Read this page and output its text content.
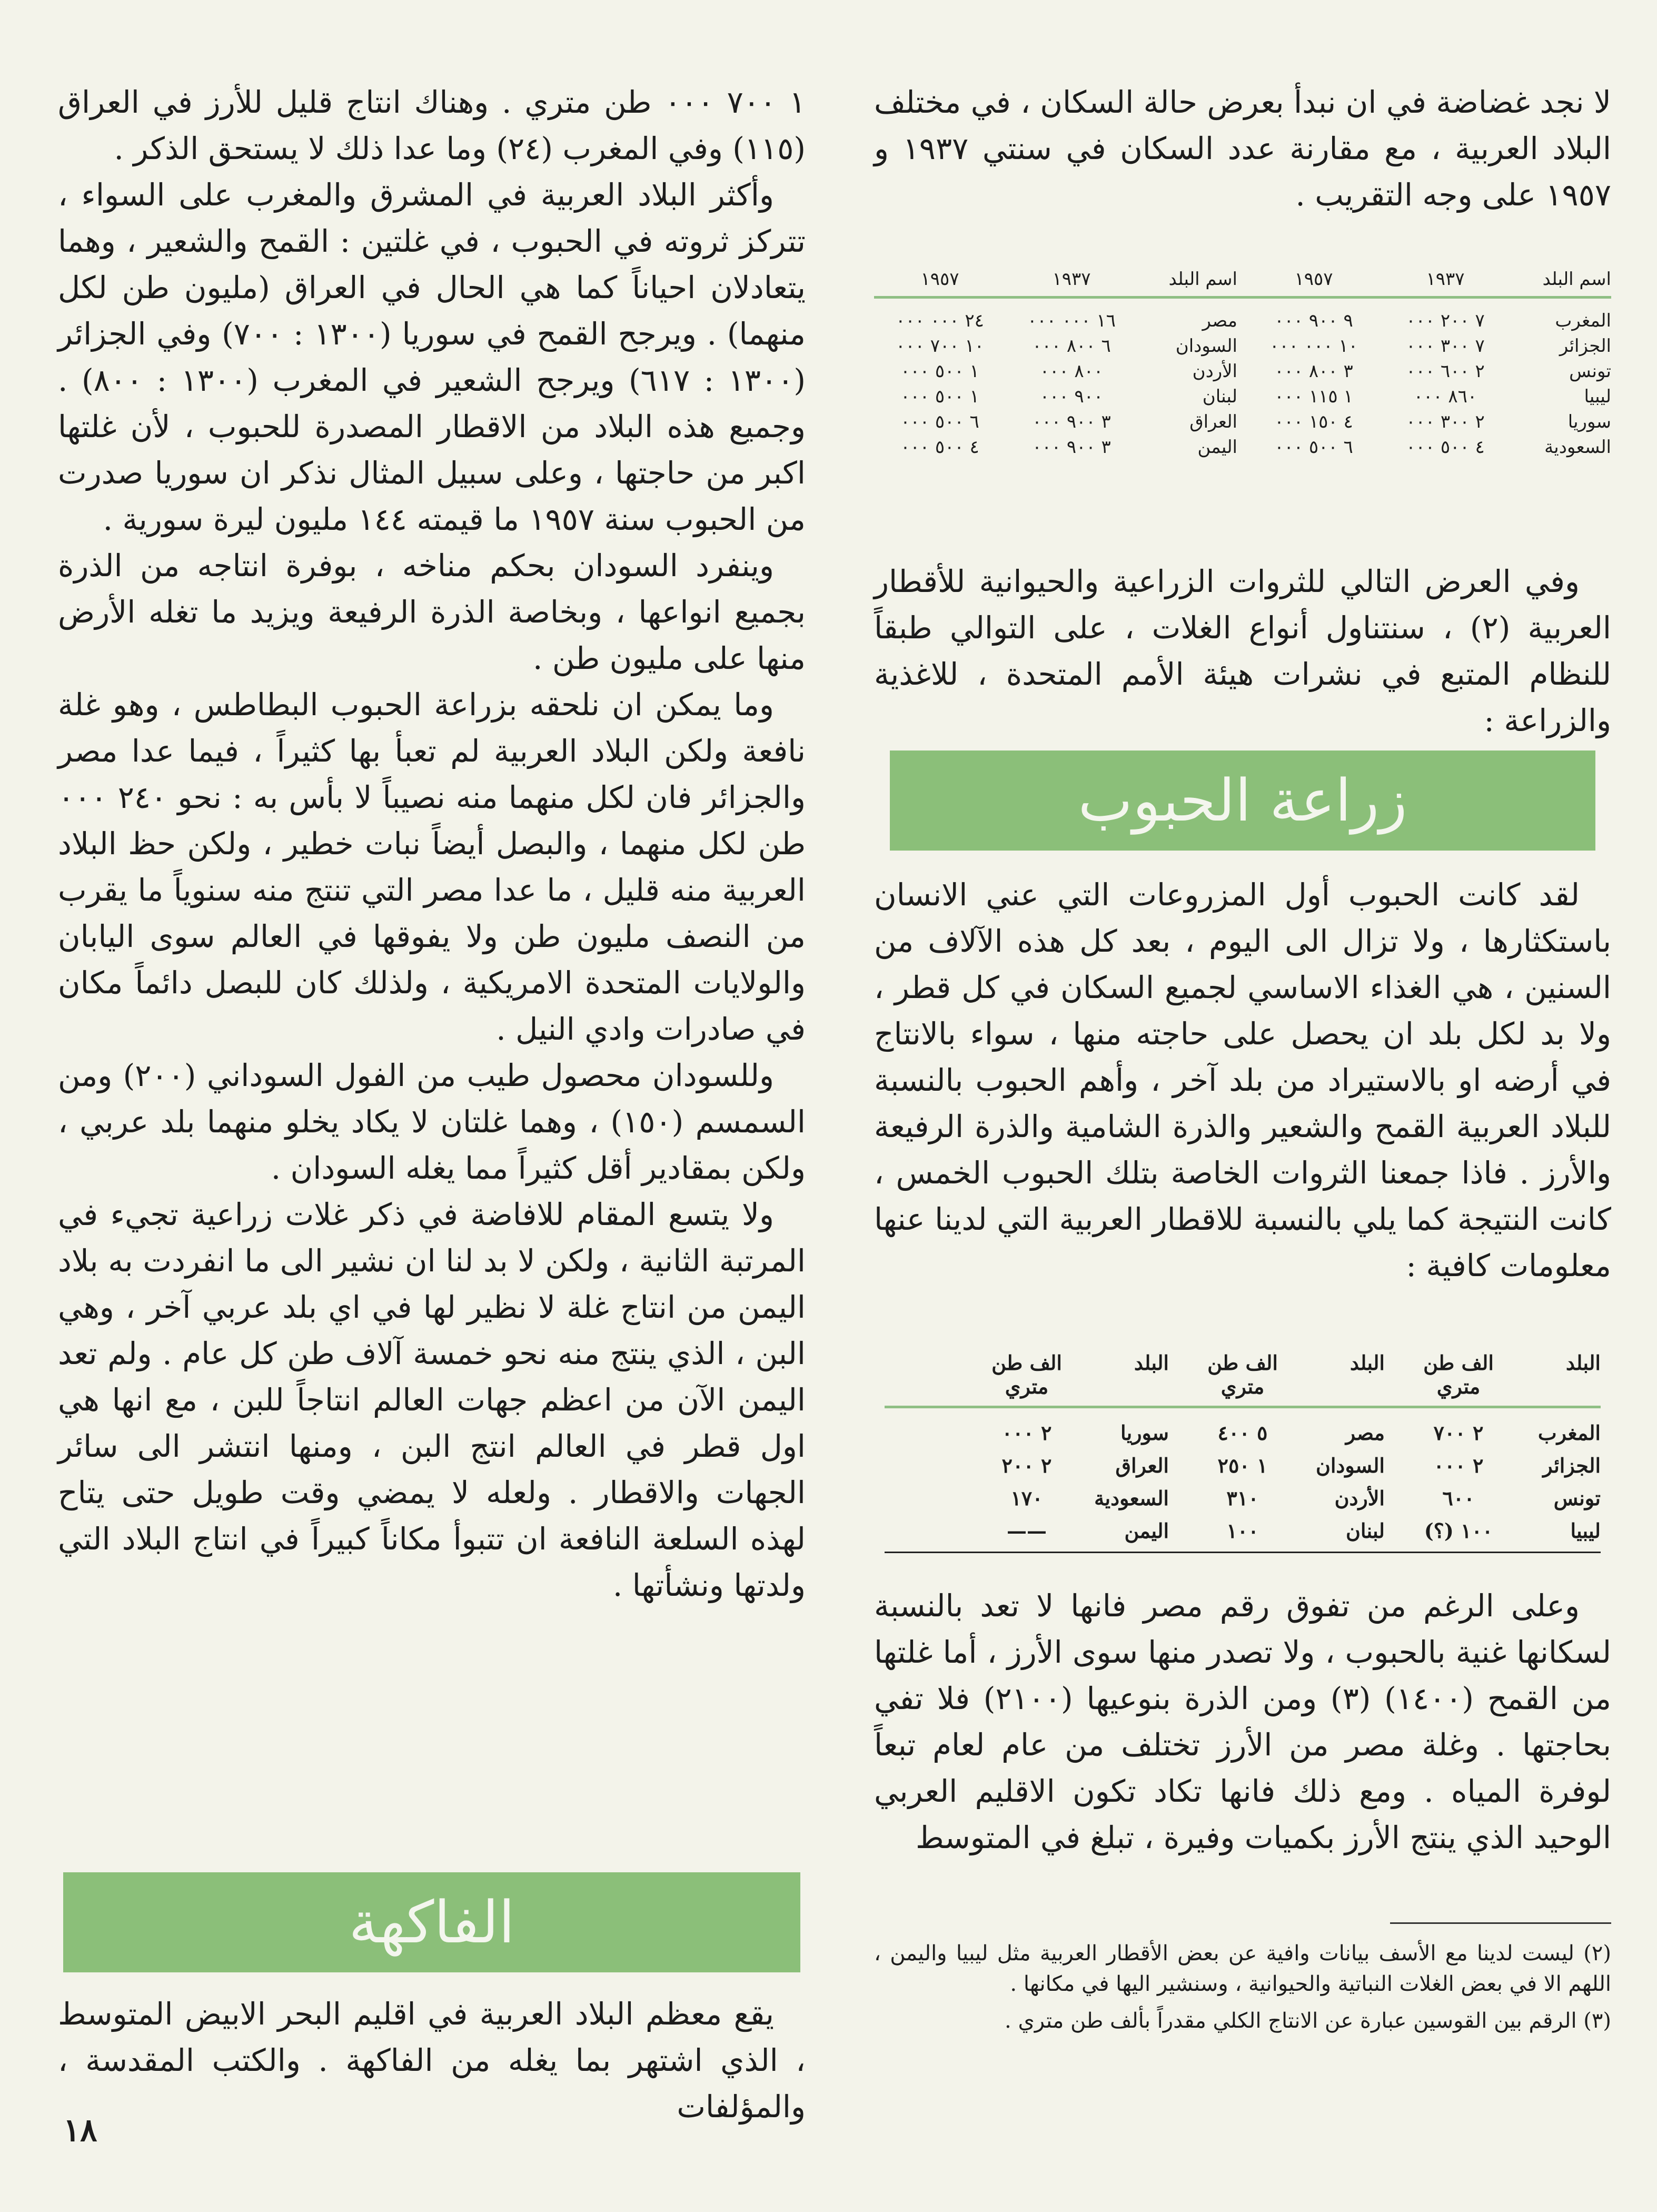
لا نجد غضاضة في ان نبدأ بعرض حالة السكان ، في مختلف البلاد العربية ، مع مقارنة عدد السكان في سنتي ١٩٣٧ و ١٩٥٧ على وجه التقريب .

اسم البلد
١٩٣٧
١٩٥٧
اسم البلد
١٩٣٧
١٩٥٧
المغرب
٧ ٢٠٠ ٠٠٠
٩ ٩٠٠ ٠٠٠
مصر
١٦ ٠٠٠ ٠٠٠
٢٤ ٠٠٠ ٠٠٠
الجزائر
٧ ٣٠٠ ٠٠٠
١٠ ٠٠٠ ٠٠٠
السودان
٦ ٨٠٠ ٠٠٠
١٠ ٧٠٠ ٠٠٠
تونس
٢ ٦٠٠ ٠٠٠
٣ ٨٠٠ ٠٠٠
الأردن
٨٠٠ ٠٠٠
١ ٥٠٠ ٠٠٠
ليبيا
٨٦٠ ٠٠٠
١ ١١٥ ٠٠٠
لبنان
٩٠٠ ٠٠٠
١ ٥٠٠ ٠٠٠
سوريا
٢ ٣٠٠ ٠٠٠
٤ ١٥٠ ٠٠٠
العراق
٣ ٩٠٠ ٠٠٠
٦ ٥٠٠ ٠٠٠
السعودية
٤ ٥٠٠ ٠٠٠
٦ ٥٠٠ ٠٠٠
اليمن
٣ ٩٠٠ ٠٠٠
٤ ٥٠٠ ٠٠٠

وفي العرض التالي للثروات الزراعية والحيوانية للأقطار العربية (٢) ، سنتناول أنواع الغلات ، على التوالي طبقاً للنظام المتبع في نشرات هيئة الأمم المتحدة ، للاغذية والزراعة :

زراعة الحبوب

لقد كانت الحبوب أول المزروعات التي عني الانسان باستكثارها ، ولا تزال الى اليوم ، بعد كل هذه الآلاف من السنين ، هي الغذاء الاساسي لجميع السكان في كل قطر ، ولا بد لكل بلد ان يحصل على حاجته منها ، سواء بالانتاج في أرضه او بالاستيراد من بلد آخر ، وأهم الحبوب بالنسبة للبلاد العربية القمح والشعير والذرة الشامية والذرة الرفيعة والأرز . فاذا جمعنا الثروات الخاصة بتلك الحبوب الخمس ، كانت النتيجة كما يلي بالنسبة للاقطار العربية التي لدينا عنها معلومات كافية :

البلد
الف طن متري
البلد
الف طن متري
البلد
الف طن متري
المغرب
٢ ٧٠٠
مصر
٥ ٤٠٠
سوريا
٢ ٠٠٠
الجزائر
٢ ٠٠٠
السودان
١ ٢٥٠
العراق
٢ ٢٠٠
تونس
٦٠٠
الأردن
٣١٠
السعودية
١٧٠
ليبيا
١٠٠ (؟)
لبنان
١٠٠
اليمن
——

وعلى الرغم من تفوق رقم مصر فانها لا تعد بالنسبة لسكانها غنية بالحبوب ، ولا تصدر منها سوى الأرز ، أما غلتها من القمح (١٤٠٠) (٣) ومن الذرة بنوعيها (٢١٠٠) فلا تفي بحاجتها . وغلة مصر من الأرز تختلف من عام لعام تبعاً لوفرة المياه . ومع ذلك فانها تكاد تكون الاقليم العربي الوحيد الذي ينتج الأرز بكميات وفيرة ، تبلغ في المتوسط

(٢) ليست لدينا مع الأسف بيانات وافية عن بعض الأقطار العربية مثل ليبيا واليمن ، اللهم الا في بعض الغلات النباتية والحيوانية ، وسنشير اليها في مكانها .
(٣) الرقم بين القوسين عبارة عن الانتاج الكلي مقدراً بألف طن متري .

١ ٧٠٠ ٠٠٠ طن متري . وهناك انتاج قليل للأرز في العراق (١١٥) وفي المغرب (٢٤) وما عدا ذلك لا يستحق الذكر .

وأكثر البلاد العربية في المشرق والمغرب على السواء ، تتركز ثروته في الحبوب ، في غلتين : القمح والشعير ، وهما يتعادلان احياناً كما هي الحال في العراق (مليون طن لكل منهما) . ويرجح القمح في سوريا (١٣٠٠ : ٧٠٠) وفي الجزائر (١٣٠٠ : ٦١٧) ويرجح الشعير في المغرب (١٣٠٠ : ٨٠٠) . وجميع هذه البلاد من الاقطار المصدرة للحبوب ، لأن غلتها اكبر من حاجتها ، وعلى سبيل المثال نذكر ان سوريا صدرت من الحبوب سنة ١٩٥٧ ما قيمته ١٤٤ مليون ليرة سورية .

وينفرد السودان بحكم مناخه ، بوفرة انتاجه من الذرة بجميع انواعها ، وبخاصة الذرة الرفيعة ويزيد ما تغله الأرض منها على مليون طن .

وما يمكن ان نلحقه بزراعة الحبوب البطاطس ، وهو غلة نافعة ولكن البلاد العربية لم تعبأ بها كثيراً ، فيما عدا مصر والجزائر فان لكل منهما منه نصيباً لا بأس به : نحو ٢٤٠ ٠٠٠ طن لكل منهما ، والبصل أيضاً نبات خطير ، ولكن حظ البلاد العربية منه قليل ، ما عدا مصر التي تنتج منه سنوياً ما يقرب من النصف مليون طن ولا يفوقها في العالم سوى اليابان والولايات المتحدة الامريكية ، ولذلك كان للبصل دائماً مكان في صادرات وادي النيل .

وللسودان محصول طيب من الفول السوداني (٢٠٠) ومن السمسم (١٥٠) ، وهما غلتان لا يكاد يخلو منهما بلد عربي ، ولكن بمقادير أقل كثيراً مما يغله السودان .

ولا يتسع المقام للافاضة في ذكر غلات زراعية تجيء في المرتبة الثانية ، ولكن لا بد لنا ان نشير الى ما انفردت به بلاد اليمن من انتاج غلة لا نظير لها في اي بلد عربي آخر ، وهي البن ، الذي ينتج منه نحو خمسة آلاف طن كل عام . ولم تعد اليمن الآن من اعظم جهات العالم انتاجاً للبن ، مع انها هي اول قطر في العالم انتج البن ، ومنها انتشر الى سائر الجهات والاقطار . ولعله لا يمضي وقت طويل حتى يتاح لهذه السلعة النافعة ان تتبوأ مكاناً كبيراً في انتاج البلاد التي ولدتها ونشأتها .

الفاكهة

يقع معظم البلاد العربية في اقليم البحر الابيض المتوسط ، الذي اشتهر بما يغله من الفاكهة . والكتب المقدسة ، والمؤلفات

١٨
